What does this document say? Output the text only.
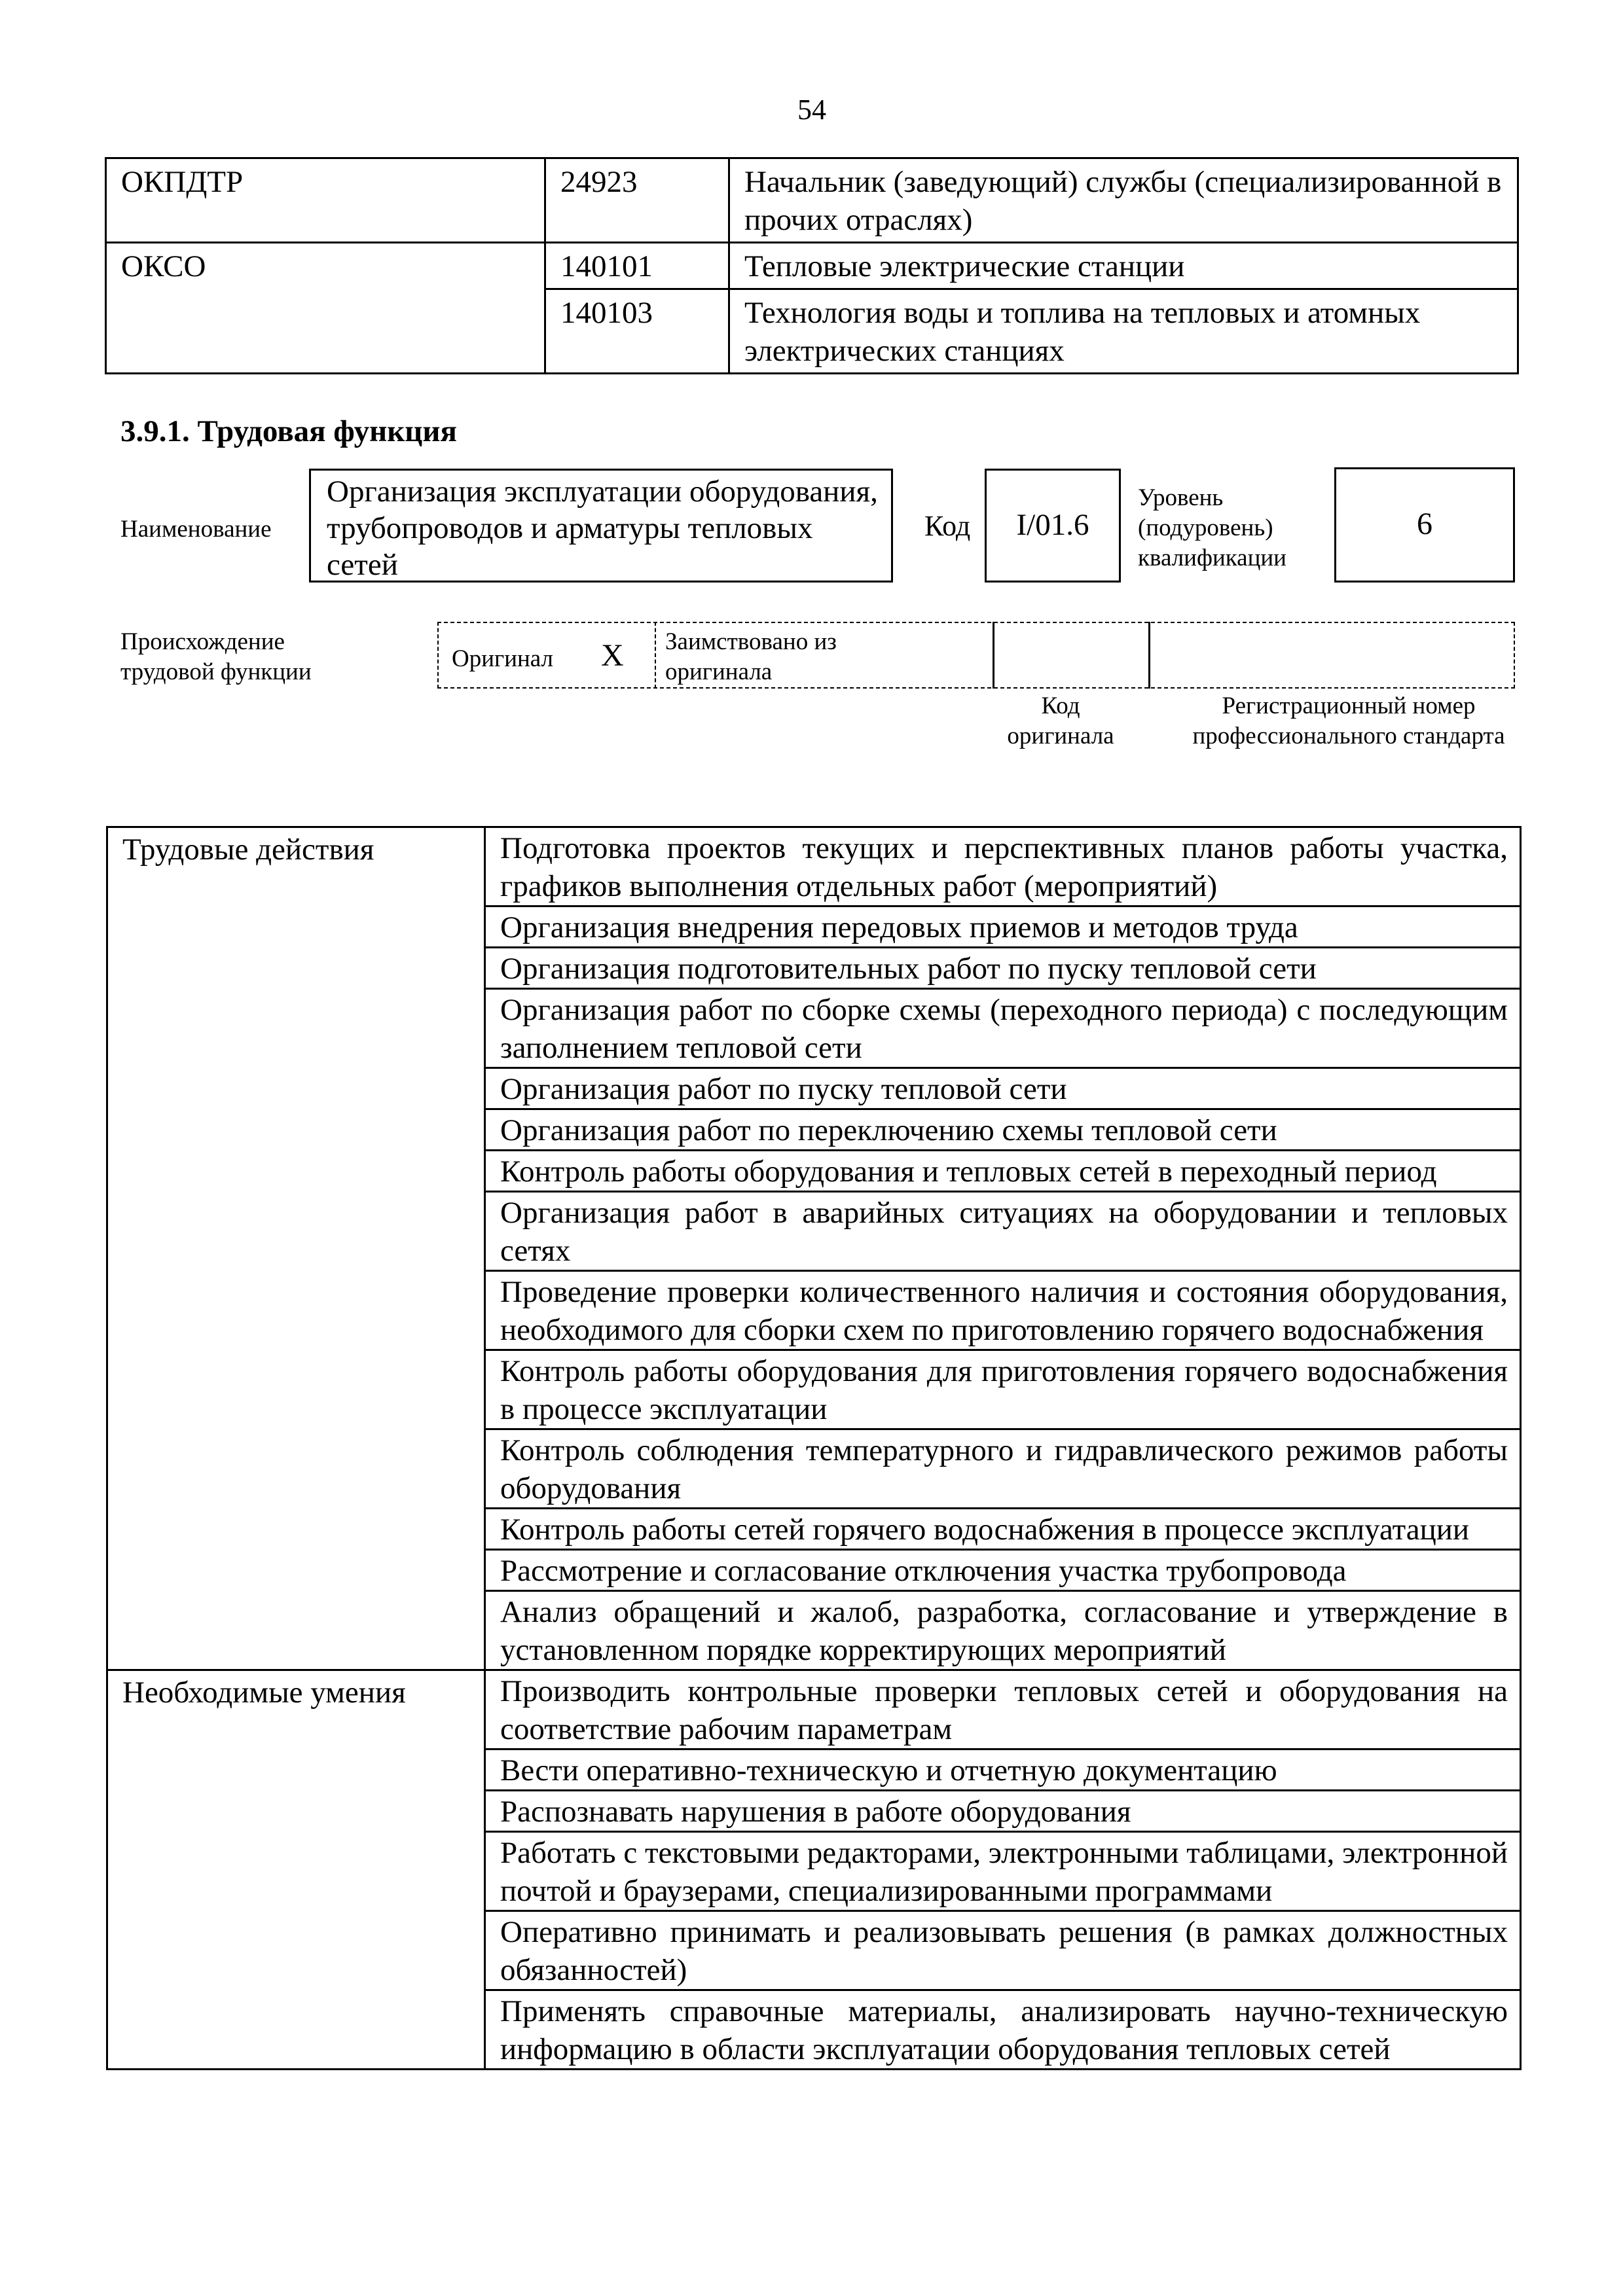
54
ОКПДТР	24923	Начальник (заведующий) службы (специализированной в прочих отраслях)
ОКСО	140101	Тепловые электрические станции
	140103	Технология воды и топлива на тепловых и атомных электрических станциях
3.9.1. Трудовая функция
Наименование
Организация эксплуатации оборудования, трубопроводов и арматуры тепловых сетей
Код	I/01.6
Уровень (подуровень) квалификации
6
Происхождение трудовой функции	Оригинал X Заимствовано из оригинала
Код оригинала
Регистрационный номер профессионального стандарта
Трудовые действия	Подготовка проектов текущих и перспективных планов работы участка, графиков выполнения отдельных работ (мероприятий)
	Организация внедрения передовых приемов и методов труда
	Организация подготовительных работ по пуску тепловой сети
	Организация работ по сборке схемы (переходного периода) с последующим заполнением тепловой сети
	Организация работ по пуску тепловой сети
	Организация работ по переключению схемы тепловой сети
	Контроль работы оборудования и тепловых сетей в переходный период
	Организация работ в аварийных ситуациях на оборудовании и тепловых сетях
	Проведение проверки количественного наличия и состояния оборудования, необходимого для сборки схем по приготовлению горячего водоснабжения
	Контроль работы оборудования для приготовления горячего водоснабжения в процессе эксплуатации
	Контроль соблюдения температурного и гидравлического режимов работы оборудования
	Контроль работы сетей горячего водоснабжения в процессе эксплуатации
	Рассмотрение и согласование отключения участка трубопровода
	Анализ обращений и жалоб, разработка, согласование и утверждение в установленном порядке корректирующих мероприятий
Необходимые умения	Производить контрольные проверки тепловых сетей и оборудования на соответствие рабочим параметрам
	Вести оперативно-техническую и отчетную документацию
	Распознавать нарушения в работе оборудования
	Работать с текстовыми редакторами, электронными таблицами, электронной почтой и браузерами, специализированными программами
	Оперативно принимать и реализовывать решения (в рамках должностных обязанностей)
	Применять справочные материалы, анализировать научно-техническую информацию в области эксплуатации оборудования тепловых сетей
